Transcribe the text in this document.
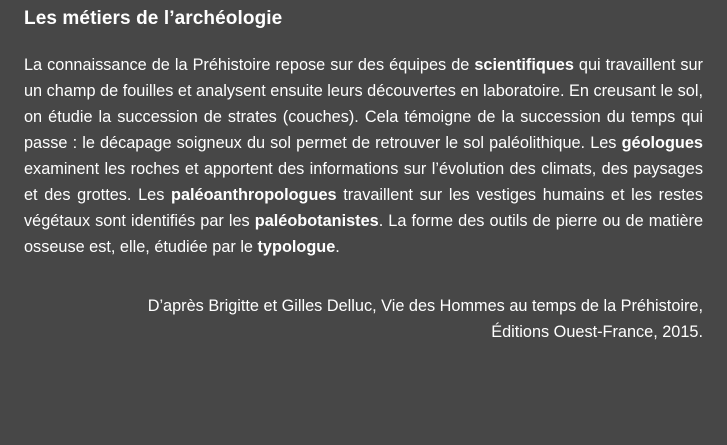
Les métiers de l’archéologie

La connaissance de la Préhistoire repose sur des équipes de scientifiques qui travaillent sur un champ de fouilles et analysent ensuite leurs découvertes en laboratoire. En creusant le sol, on étudie la succession de strates (couches). Cela témoigne de la succession du temps qui passe : le décapage soigneux du sol permet de retrouver le sol paléolithique. Les géologues examinent les roches et apportent des informations sur l’évolution des climats, des paysages et des grottes. Les paléoanthropologues travaillent sur les vestiges humains et les restes végétaux sont identifiés par les paléobotanistes. La forme des outils de pierre ou de matière osseuse est, elle, étudiée par le typologue.

D’après Brigitte et Gilles Delluc, Vie des Hommes au temps de la Préhistoire,
Éditions Ouest-France, 2015.
